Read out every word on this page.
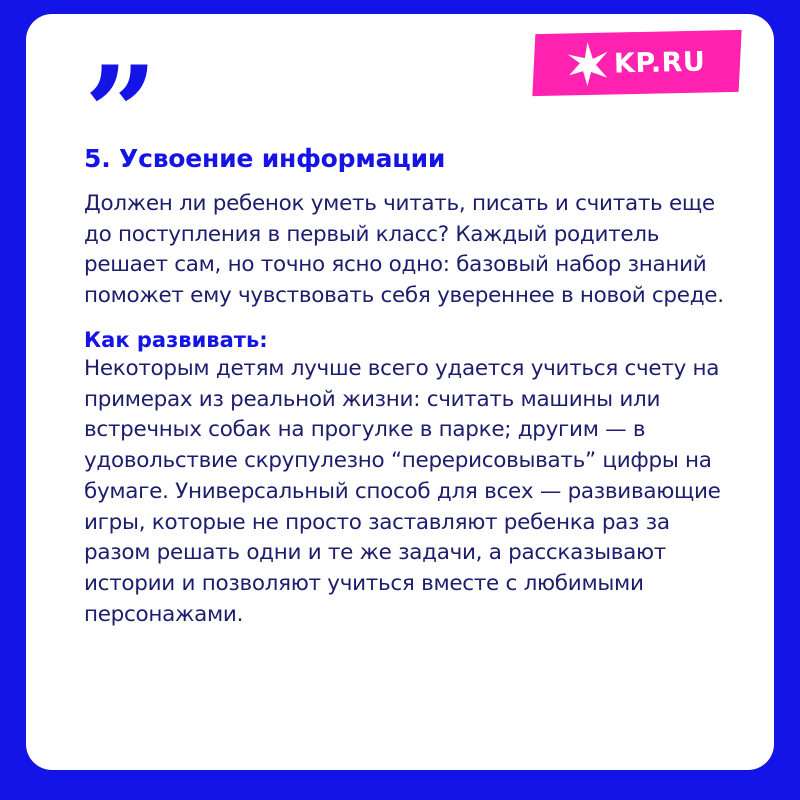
KP.RU
”
5. Усвоение информации

Должен ли ребенок уметь читать, писать и считать еще до поступления в первый класс? Каждый родитель решает сам, но точно ясно одно: базовый набор знаний поможет ему чувствовать себя увереннее в новой среде.

Как развивать:

Некоторым детям лучше всего удается учиться счету на примерах из реальной жизни: считать машины или встречных собак на прогулке в парке; другим — в удовольствие скрупулезно “перерисовывать” цифры на бумаге. Универсальный способ для всех — развивающие игры, которые не просто заставляют ребенка раз за разом решать одни и те же задачи, а рассказывают истории и позволяют учиться вместе с любимыми персонажами.
